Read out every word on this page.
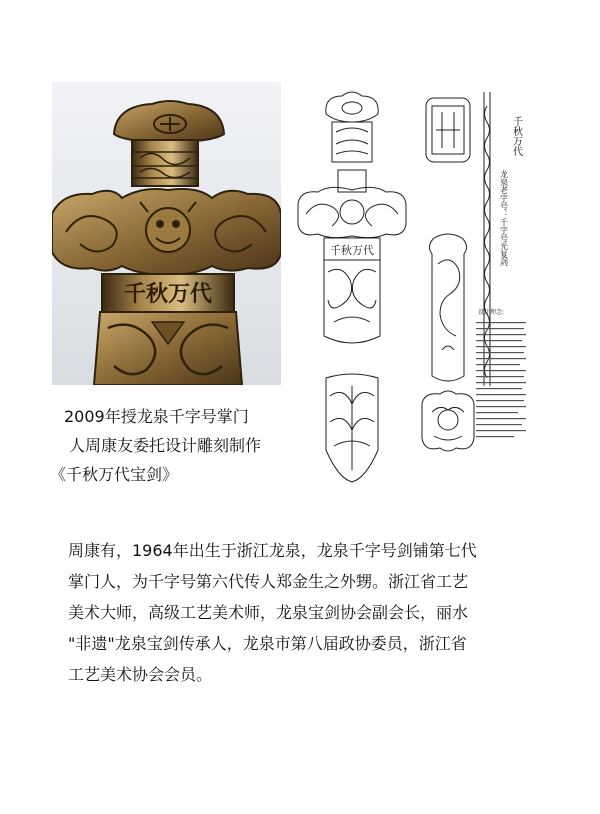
千秋万代
千秋万代
设计理念:
千秋万代
龙泉老字号：千字号光复剑
2009年授龙泉千字号掌门
人周康友委托设计雕刻制作
《千秋万代宝剑》
周康有，1964年出生于浙江龙泉，龙泉千字号剑铺第七代
掌门人，为千字号第六代传人郑金生之外甥。浙江省工艺
美术大师，高级工艺美术师，龙泉宝剑协会副会长，丽水
"非遗"龙泉宝剑传承人，龙泉市第八届政协委员，浙江省
工艺美术协会会员。
